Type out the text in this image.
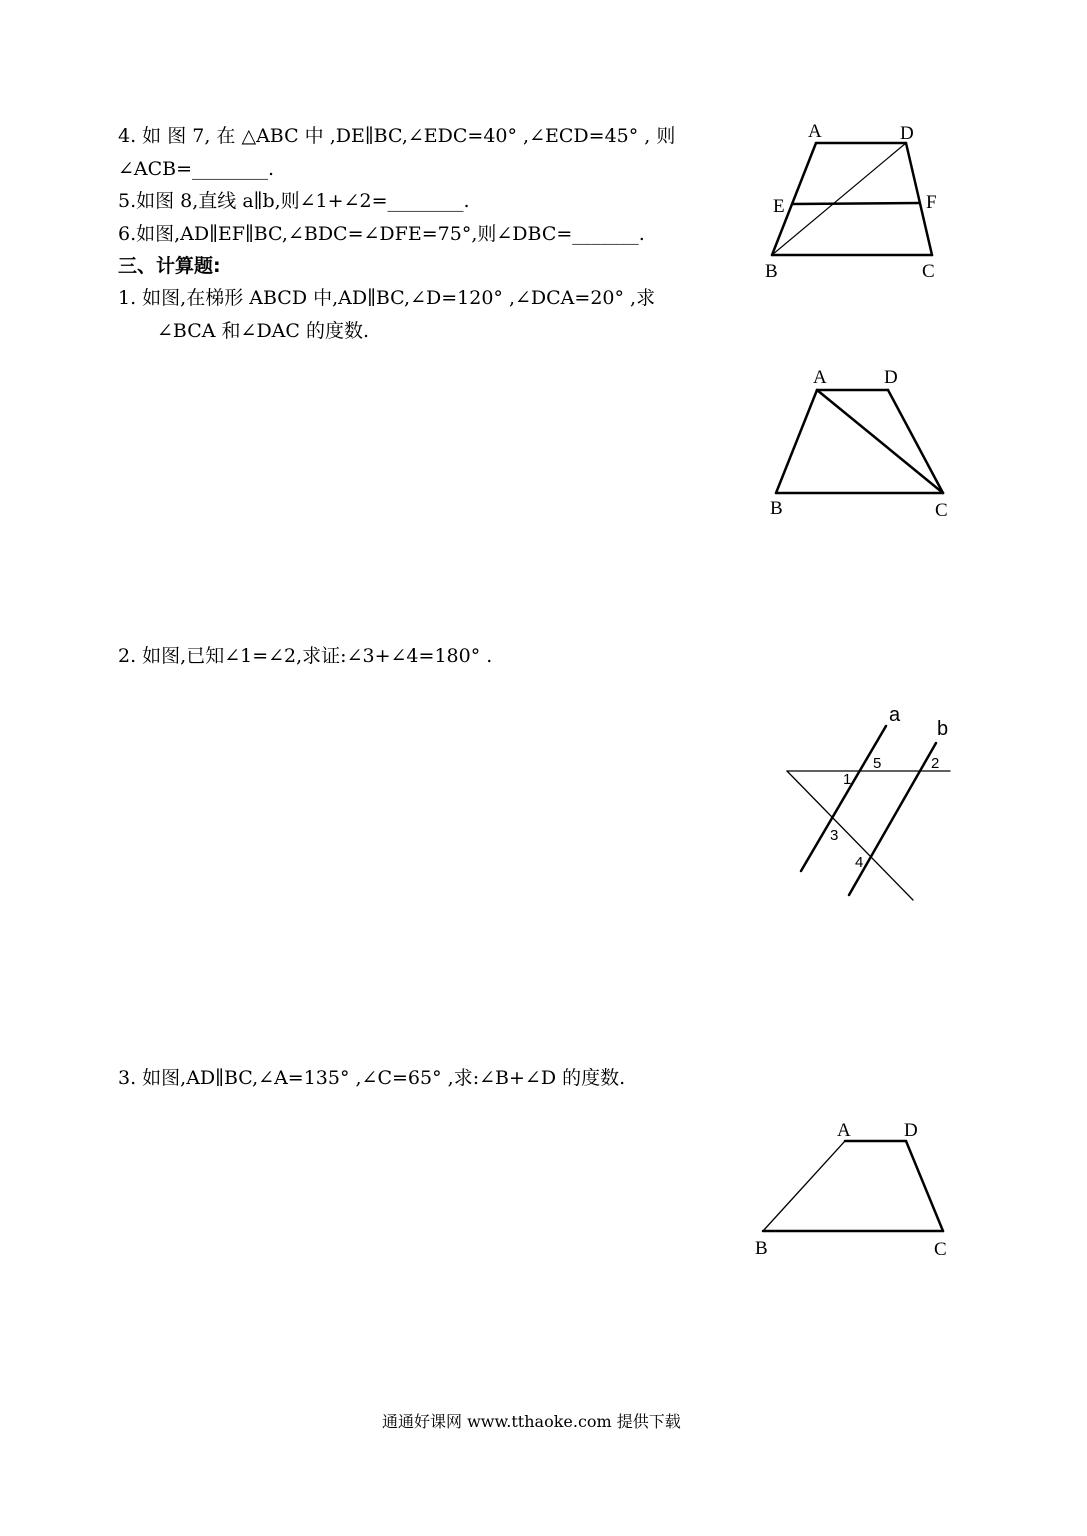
4. 如 图 7, 在 △ABC 中 ,DE∥BC,∠EDC=40° ,∠ECD=45° , 则
∠ACB=________.
5.如图 8,直线 a∥b,则∠1+∠2=________.
6.如图,AD∥EF∥BC,∠BDC=∠DFE=75°,则∠DBC=_______.
三、计算题:
1. 如图,在梯形 ABCD 中,AD∥BC,∠D=120° ,∠DCA=20° ,求
∠BCA 和∠DAC 的度数.
2. 如图,已知∠1=∠2,求证:∠3+∠4=180° .
3. 如图,AD∥BC,∠A=135° ,∠C=65° ,求:∠B+∠D 的度数.
通通好课网 www.tthaoke.com 提供下载
A	D
E	F
B	C
A	D
B	C
a
b
1
5	2
3
4
A	D
B	C
